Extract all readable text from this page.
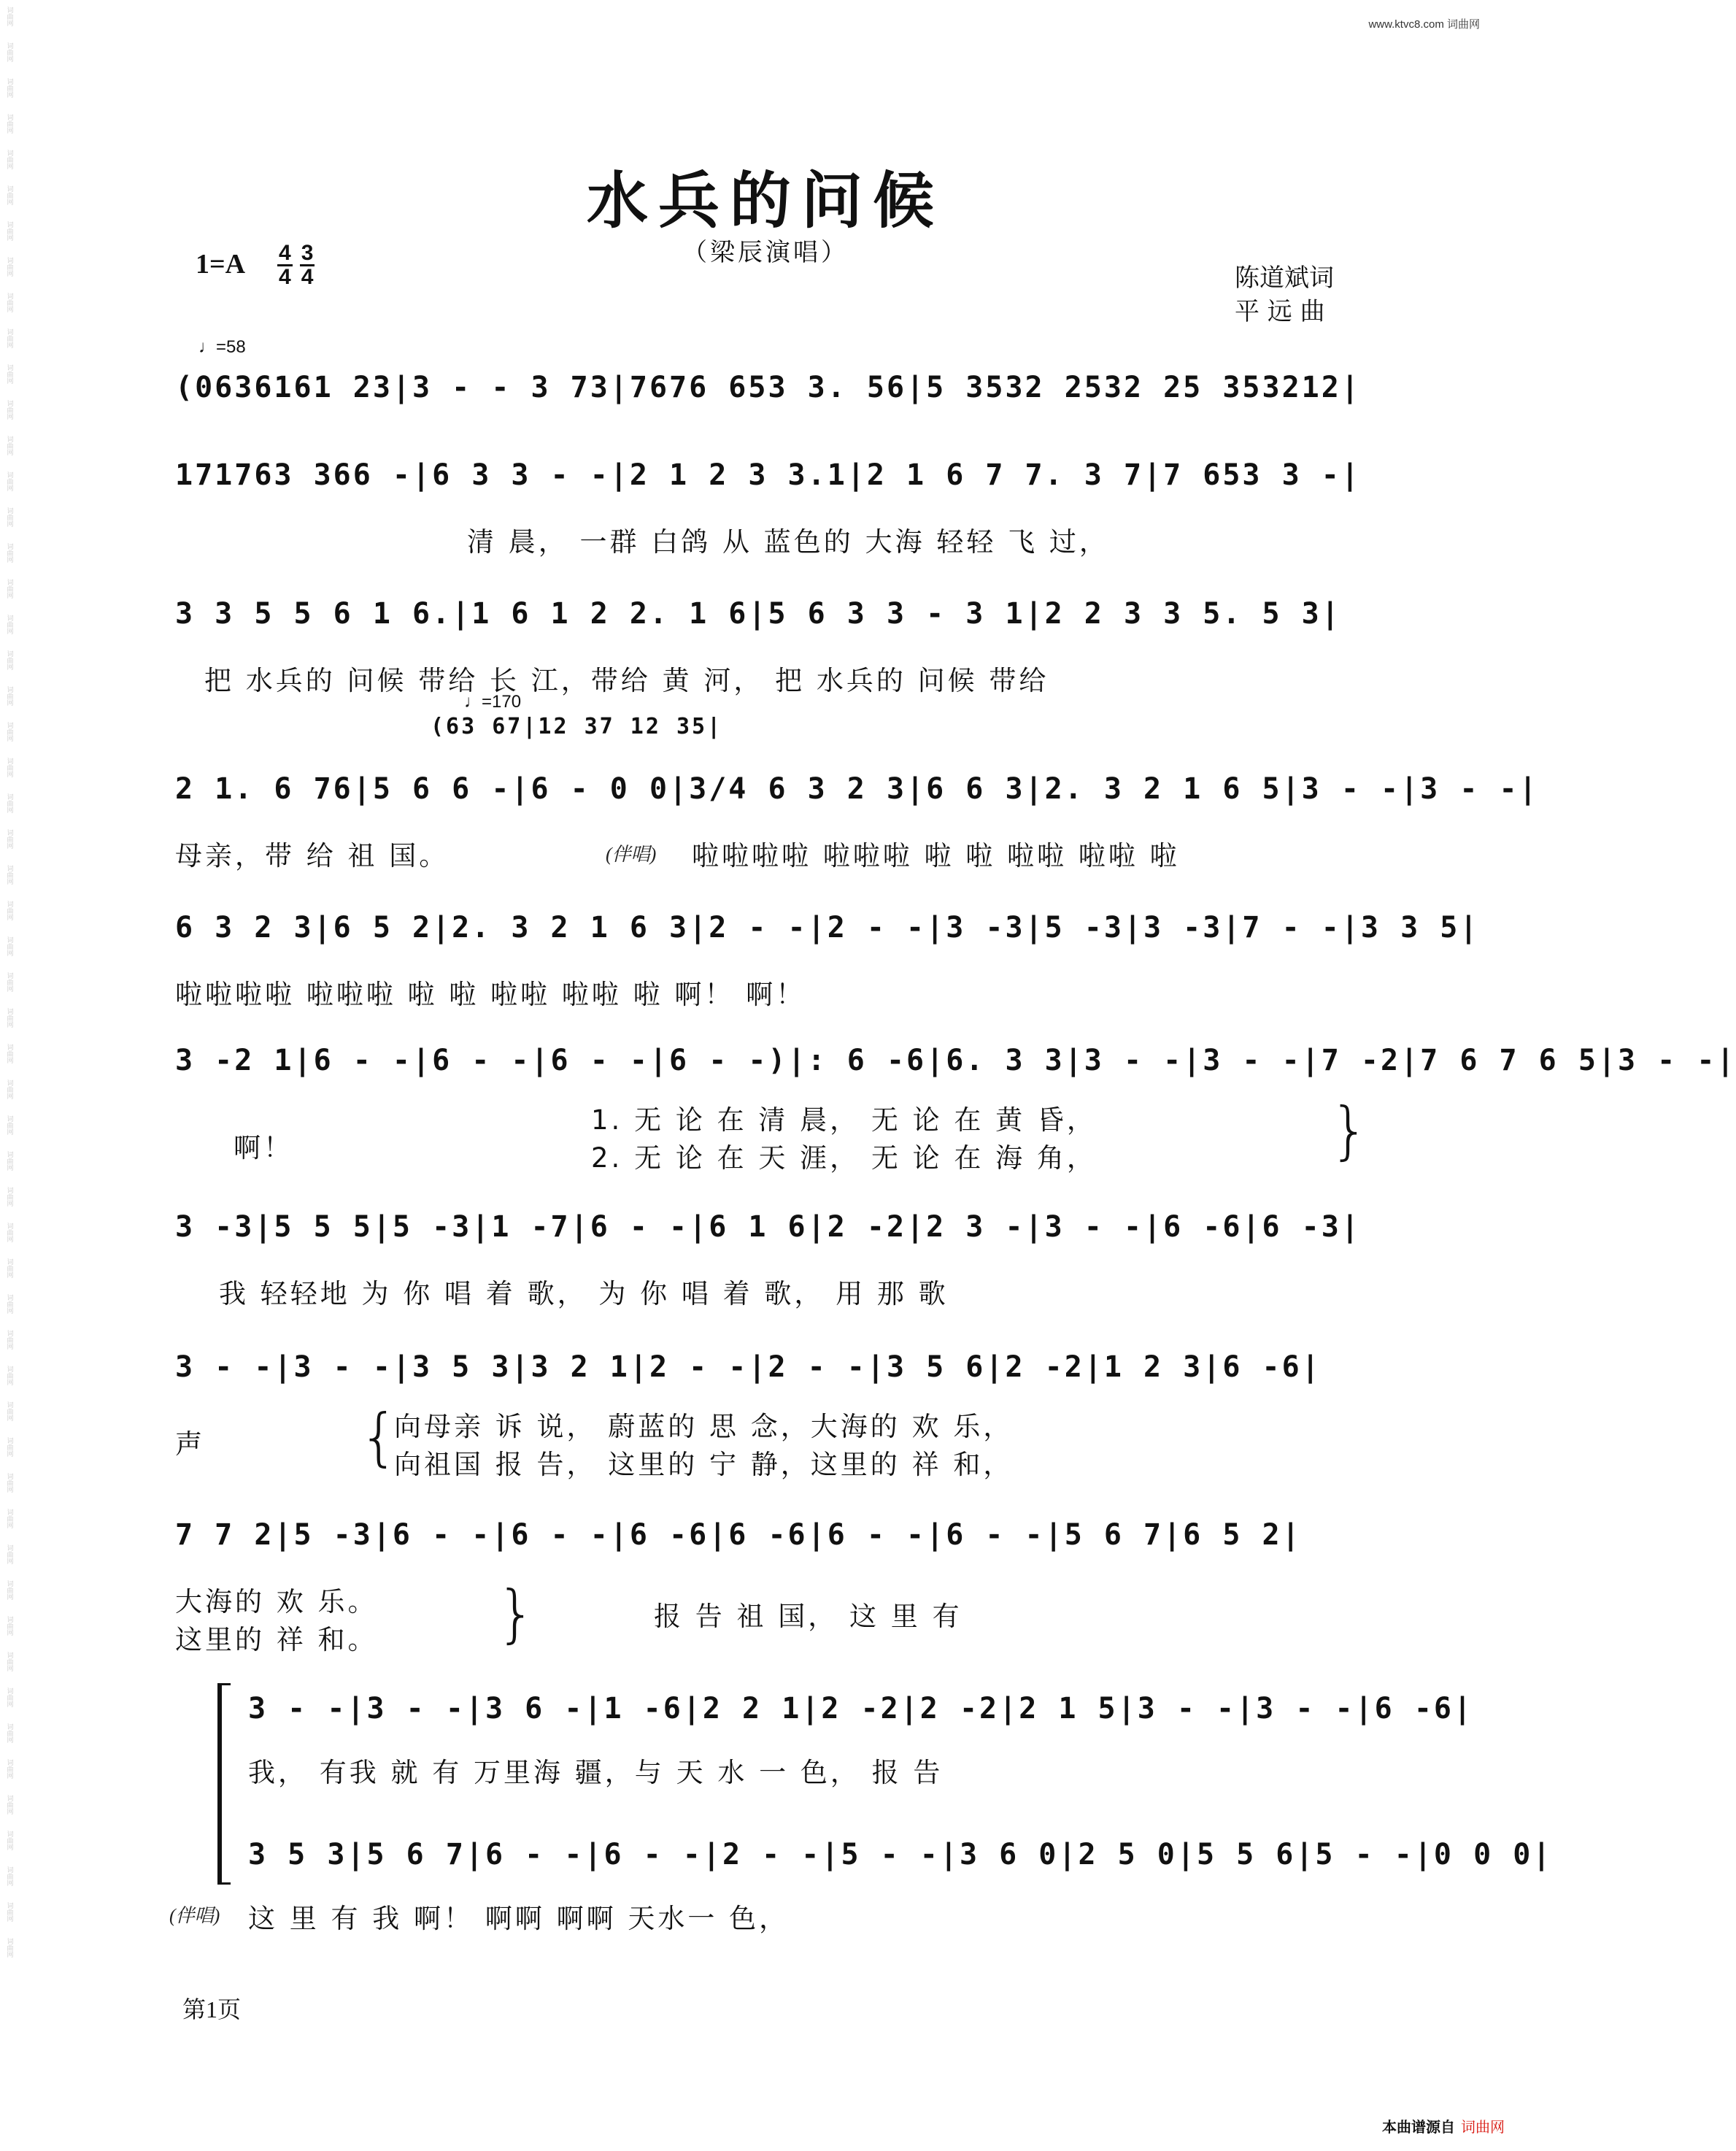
词曲网
词曲网
词曲网
词曲网
词曲网
词曲网
词曲网
词曲网
词曲网
词曲网
词曲网
词曲网
词曲网
词曲网
词曲网
词曲网
词曲网
词曲网
词曲网
词曲网
词曲网
词曲网
词曲网
词曲网
词曲网
词曲网
词曲网
词曲网
词曲网
词曲网
词曲网
词曲网
词曲网
词曲网
词曲网
词曲网
词曲网
词曲网
词曲网
词曲网
词曲网
词曲网
词曲网
词曲网
词曲网
词曲网
词曲网
词曲网
词曲网
词曲网
词曲网
词曲网
词曲网
词曲网
词曲网
www.ktvc8.com 词曲网
水兵的问候
（梁辰演唱）
$1=A \frac{4}{4} \frac{3}{4}$	陈道斌词
平 远 曲
♩=58
(0636161 23|3 - - 3 73|7676 653 3. 56|5 3532 2532 25 353212|
171763 366 -|6 3 3 - -|2 1 2 3 3.1|2 1 6 7 7. 3 7|7 653 3 -|
清 晨， 一群 白鸽 从 蓝色的 大海 轻轻 飞 过，
3 3 5 5 6 1 6.|1 6 1 2 2. 1 6|5 6 3 3 - 3 1|2 2 3 3 5. 5 3|
把 水兵的 问候 带给 长 江，带给 黄 河， 把 水兵的 问候 带给
♩=170
(63 67|12 37 12 35|
2 1. 6 76|5 6 6 -|6 - 0 0|3/4 6 3 2 3|6 6 3|2. 3 2 1 6 5|3 - -|3 - -|
母亲，带 给 祖 国。	(伴唱) 啦啦啦啦 啦啦啦 啦 啦 啦啦 啦啦 啦
6 3 2 3|6 5 2|2. 3 2 1 6 3|2 - -|2 - -|3 -3|5 -3|3 -3|7 - -|3 3 5|
啦啦啦啦 啦啦啦 啦 啦 啦啦 啦啦 啦 啊！ 啊！
3 -2 1|6 - -|6 - -|6 - -|6 - -)|: 6 -6|6. 3 3|3 - -|3 - -|7 -2|7 6 7 6 5|3 - -|
啊！
1. 无 论 在 清 晨， 无 论 在 黄 昏，
2. 无 论 在 天 涯， 无 论 在 海 角，	}
3 -3|5 5 5|5 -3|1 -7|6 - -|6 1 6|2 -2|2 3 -|3 - -|6 -6|6 -3|
我 轻轻地 为 你 唱 着 歌， 为 你 唱 着 歌， 用 那 歌
3 - -|3 - -|3 5 3|3 2 1|2 - -|2 - -|3 5 6|2 -2|1 2 3|6 -6|
声 {
向母亲 诉 说， 蔚蓝的 思 念，大海的 欢 乐，
向祖国 报 告， 这里的 宁 静，这里的 祥 和，
7 7 2|5 -3|6 - -|6 - -|6 -6|6 -6|6 - -|6 - -|5 6 7|6 5 2|
大海的 欢 乐。
这里的 祥 和。 }	报 告 祖 国， 这 里 有
3 - -|3 - -|3 6 -|1 -6|2 2 1|2 -2|2 -2|2 1 5|3 - -|3 - -|6 -6|
我， 有我 就 有 万里海 疆，与 天 水 一 色， 报 告
3 5 3|5 6 7|6 - -|6 - -|2 - -|5 - -|3 6 0|2 5 0|5 5 6|5 - -|0 0 0|
这 里 有 我 啊！ 啊啊 啊啊 天水一 色，
(伴唱)
第1页
本曲谱源自 词曲网
